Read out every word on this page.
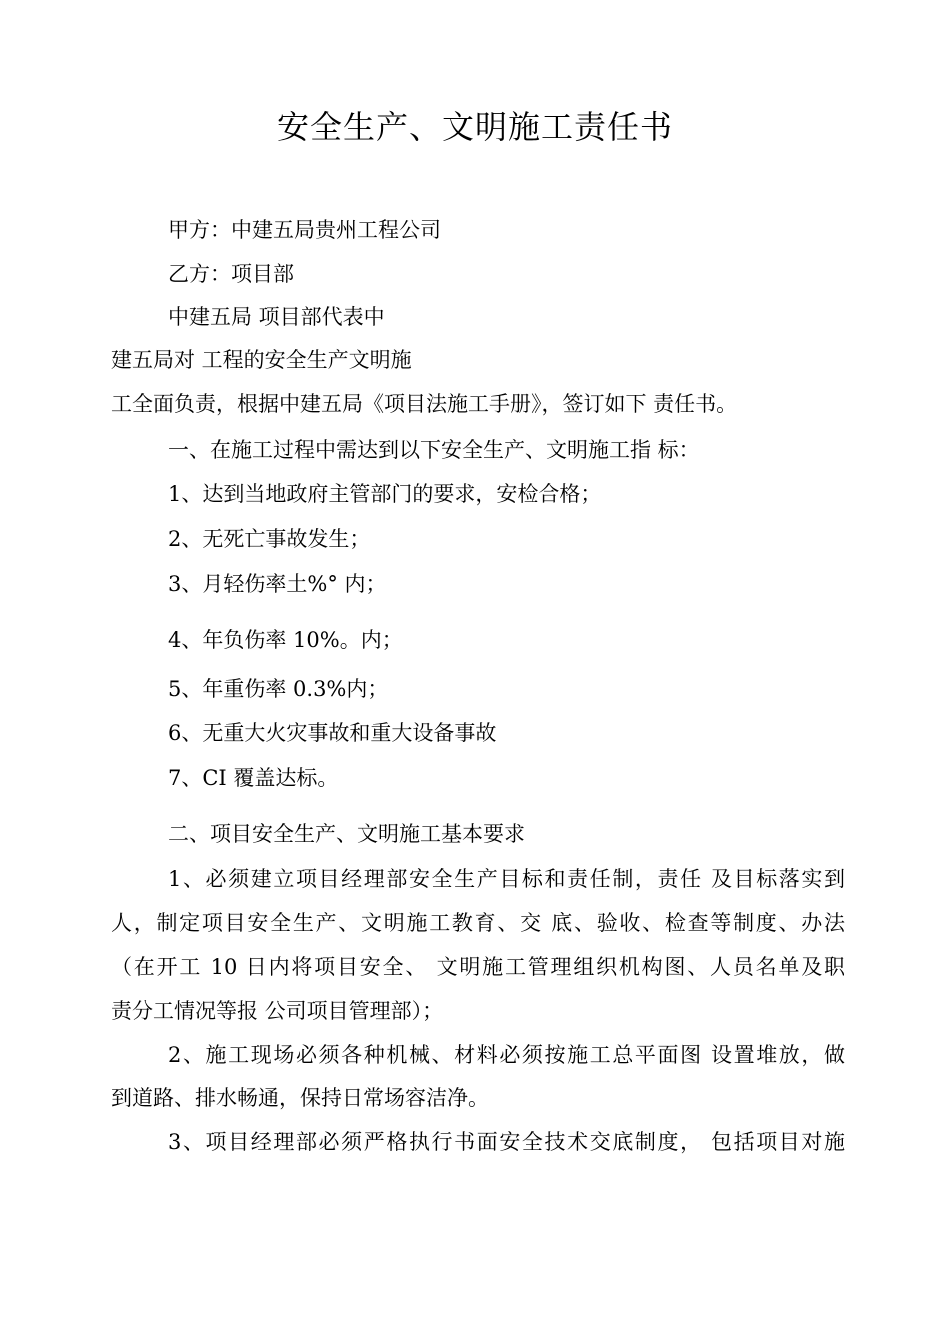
安全生产、文明施工责任书
甲方：中建五局贵州工程公司
乙方：项目部
中建五局 项目部代表中
建五局对 工程的安全生产文明施
工全面负责，根据中建五局《项目法施工手册》，签订如下 责任书。
一、在施工过程中需达到以下安全生产、文明施工指 标：
1、达到当地政府主管部门的要求，安检合格；
2、无死亡事故发生；
3、月轻伤率土%° 内；
4、年负伤率 10%。内；
5、年重伤率 0.3%内；
6、无重大火灾事故和重大设备事故
7、CI 覆盖达标。
二、项目安全生产、文明施工基本要求
1、必须建立项目经理部安全生产目标和责任制，责任 及目标落实到
人，制定项目安全生产、文明施工教育、交 底、验收、检查等制度、办法
（在开工 10 日内将项目安全、 文明施工管理组织机构图、人员名单及职
责分工情况等报 公司项目管理部）；
2、施工现场必须各种机械、材料必须按施工总平面图 设置堆放，做
到道路、排水畅通，保持日常场容洁净。
3、项目经理部必须严格执行书面安全技术交底制度， 包括项目对施
